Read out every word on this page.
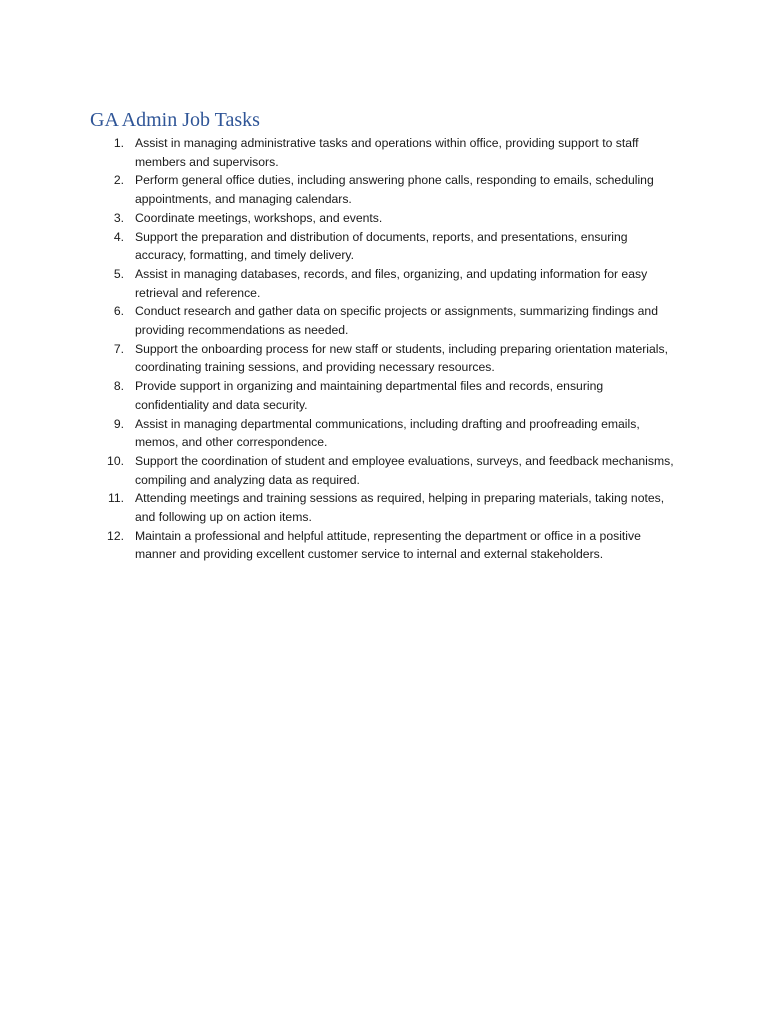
GA Admin Job Tasks
1. Assist in managing administrative tasks and operations within office, providing support to staff members and supervisors.
2. Perform general office duties, including answering phone calls, responding to emails, scheduling appointments, and managing calendars.
3. Coordinate meetings, workshops, and events.
4. Support the preparation and distribution of documents, reports, and presentations, ensuring accuracy, formatting, and timely delivery.
5. Assist in managing databases, records, and files, organizing, and updating information for easy retrieval and reference.
6. Conduct research and gather data on specific projects or assignments, summarizing findings and providing recommendations as needed.
7. Support the onboarding process for new staff or students, including preparing orientation materials, coordinating training sessions, and providing necessary resources.
8. Provide support in organizing and maintaining departmental files and records, ensuring confidentiality and data security.
9. Assist in managing departmental communications, including drafting and proofreading emails, memos, and other correspondence.
10. Support the coordination of student and employee evaluations, surveys, and feedback mechanisms, compiling and analyzing data as required.
11. Attending meetings and training sessions as required, helping in preparing materials, taking notes, and following up on action items.
12. Maintain a professional and helpful attitude, representing the department or office in a positive manner and providing excellent customer service to internal and external stakeholders.
